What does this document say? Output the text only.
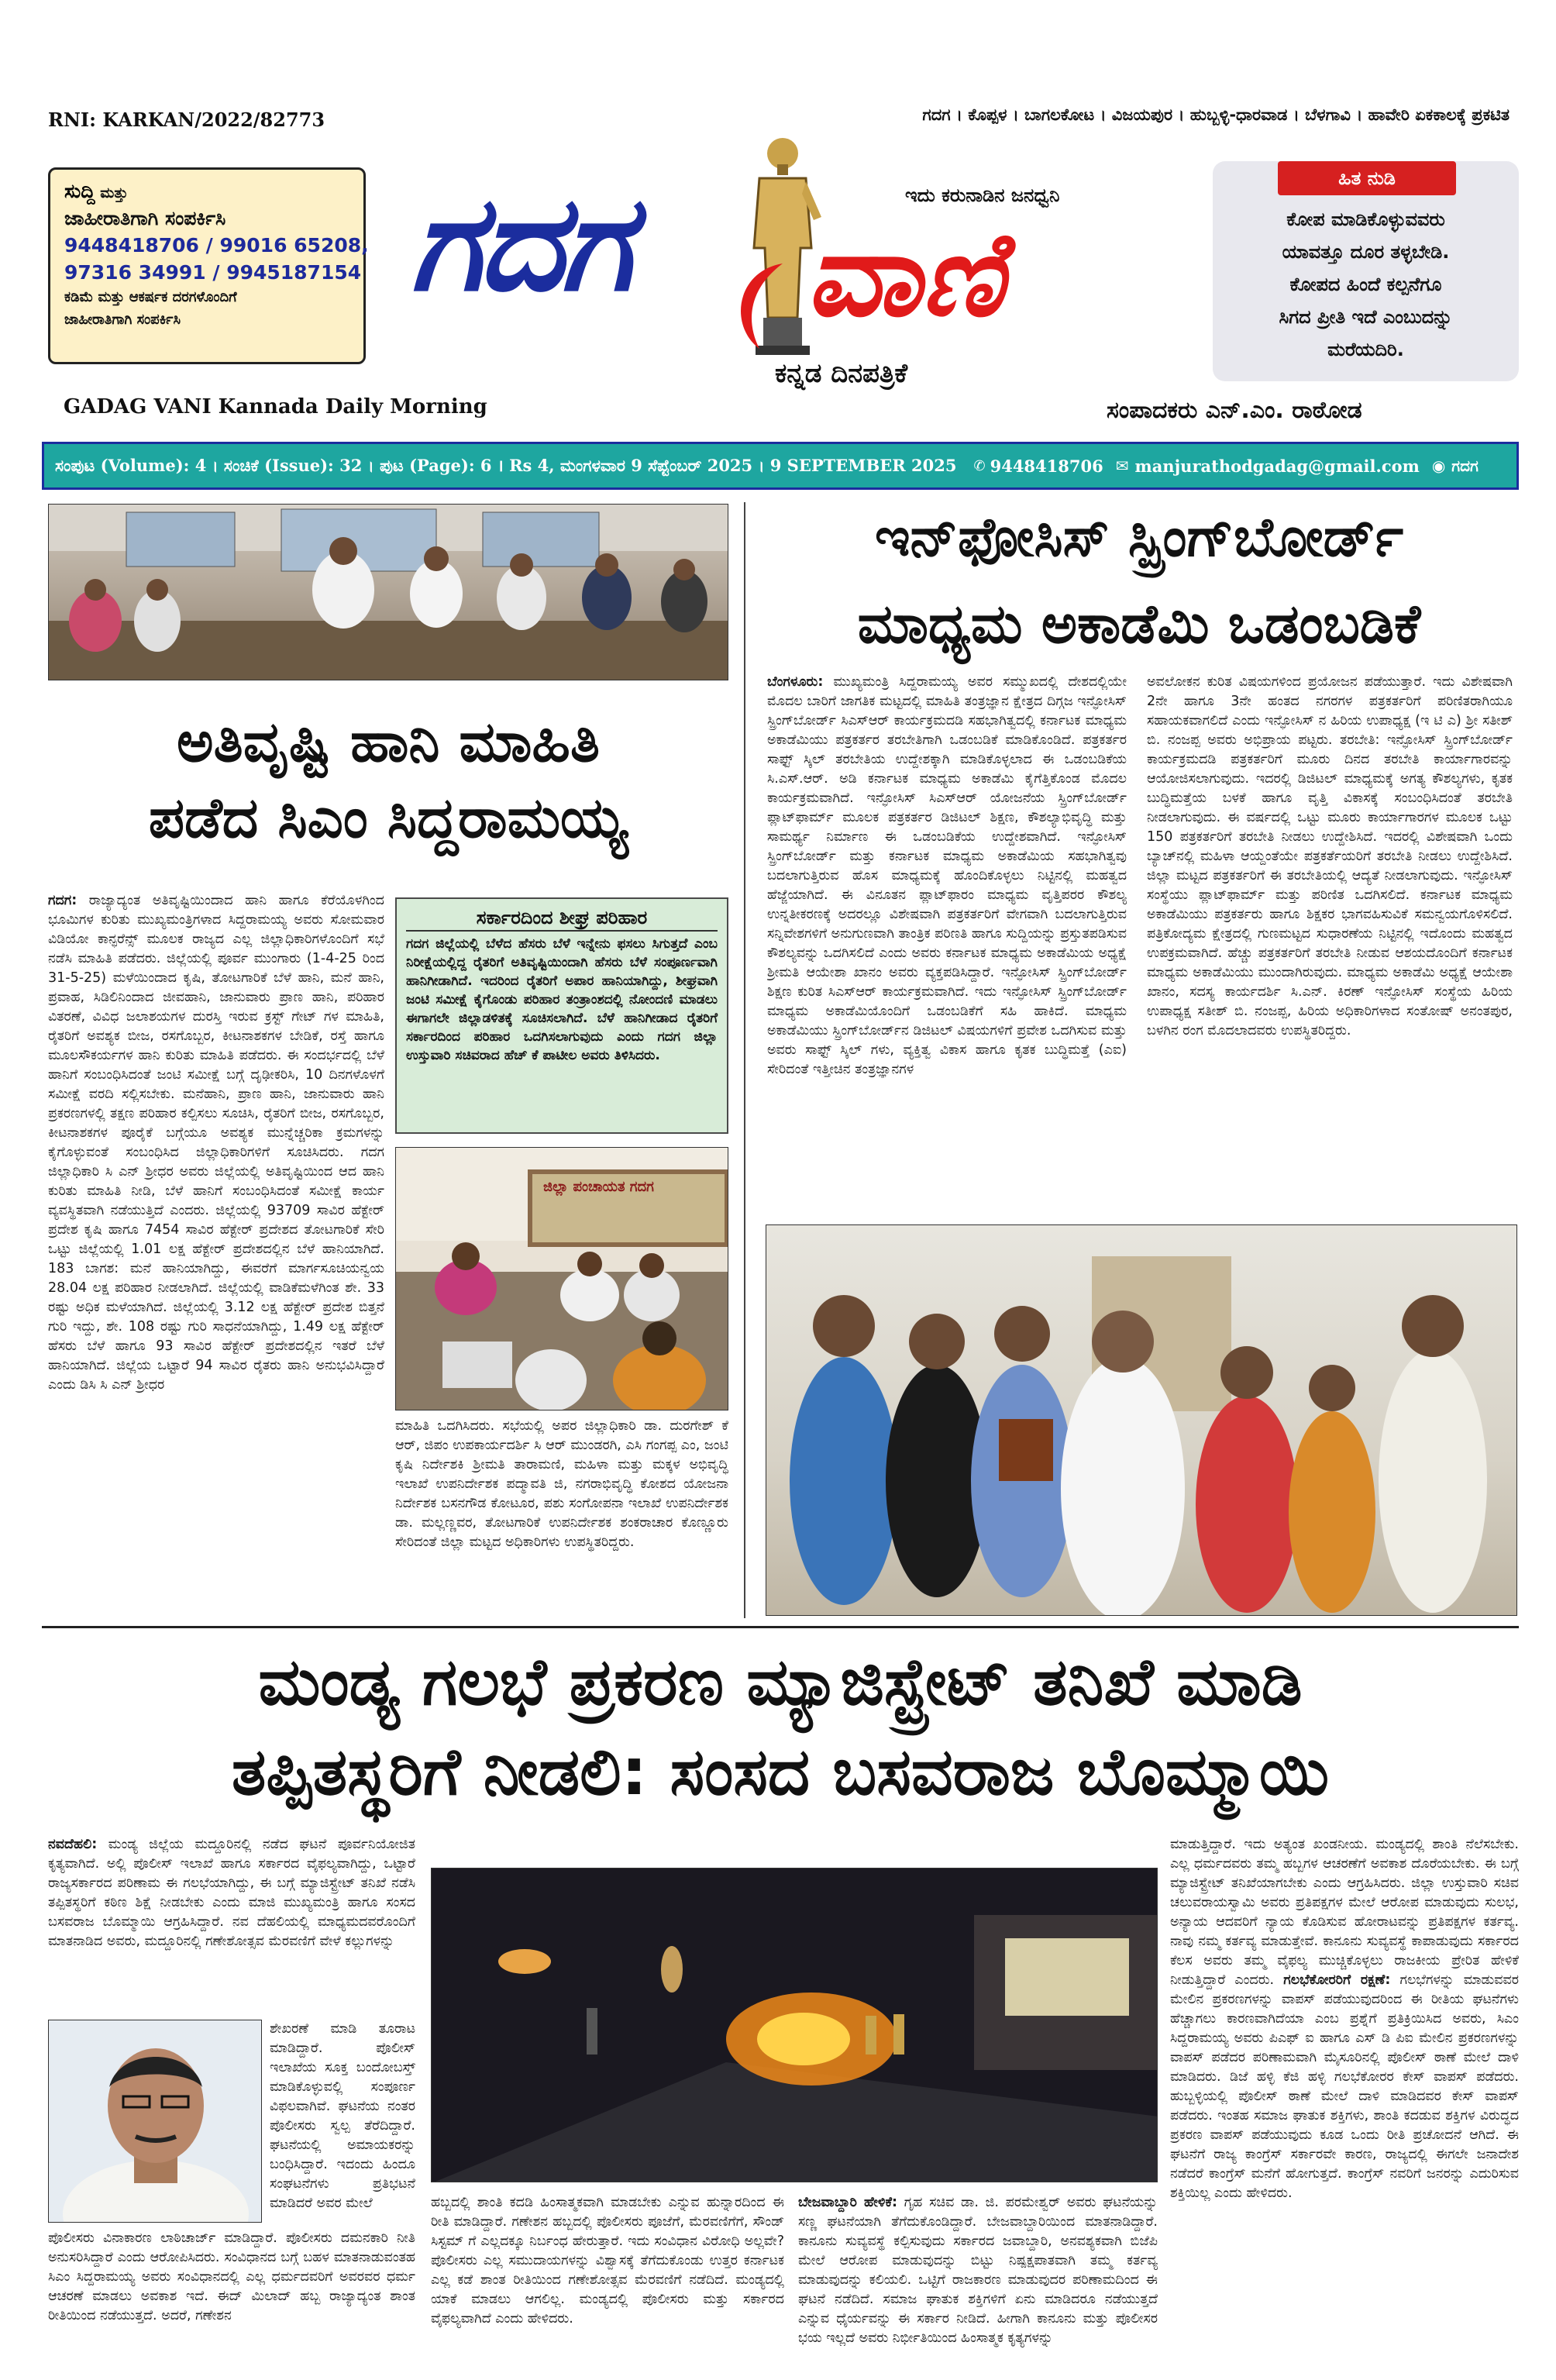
RNI: KARKAN/2022/82773	ಗದಗ । ಕೊಪ್ಪಳ । ಬಾಗಲಕೋಟ । ವಿಜಯಪುರ । ಹುಬ್ಬಳ್ಳಿ-ಧಾರವಾಡ । ಬೆಳಗಾವಿ । ಹಾವೇರಿ ಏಕಕಾಲಕ್ಕೆ ಪ್ರಕಟಿತ
ಸುದ್ದಿ ಮತ್ತು
ಜಾಹೀರಾತಿಗಾಗಿ ಸಂಪರ್ಕಿಸಿ
9448418706 / 99016 65208,
97316 34991 / 9945187154
ಕಡಿಮೆ ಮತ್ತು ಆಕರ್ಷಕ ದರಗಳೊಂದಿಗೆ
ಜಾಹೀರಾತಿಗಾಗಿ ಸಂಪರ್ಕಿಸಿ	ಗದಗ	ಇದು ಕರುನಾಡಿನ ಜನಧ್ವನಿ
ವಾಣಿ
ಕನ್ನಡ ದಿನಪತ್ರಿಕೆ
GADAG VANI Kannada Daily Morning	ಸಂಪಾದಕರು ಎನ್.ಎಂ. ರಾಠೋಡ
ಹಿತ ನುಡಿ
ಕೋಪ ಮಾಡಿಕೊಳ್ಳುವವರು
ಯಾವತ್ತೂ ದೂರ ತಳ್ಳಬೇಡಿ.
ಕೋಪದ ಹಿಂದೆ ಕಲ್ಪನೆಗೂ
ಸಿಗದ ಪ್ರೀತಿ ಇದೆ ಎಂಬುದನ್ನು
ಮರೆಯದಿರಿ.
ಸಂಪುಟ (Volume): 4 । ಸಂಚಿಕೆ (Issue): 32 । ಪುಟ (Page): 6 । Rs 4, ಮಂಗಳವಾರ 9 ಸೆಪ್ಟೆಂಬರ್ 2025 । 9 SEPTEMBER 2025 ✆ 9448418706 ✉ manjurathodgadag@gmail.com ◉ ಗದಗ
ಅತಿವೃಷ್ಟಿ ಹಾನಿ ಮಾಹಿತಿ
ಪಡೆದ ಸಿಎಂ ಸಿದ್ದರಾಮಯ್ಯ
ಗದಗ: ರಾಜ್ಯಾದ್ಯಂತ ಅತಿವೃಷ್ಟಿಯಿಂದಾದ ಹಾನಿ ಹಾಗೂ ಕೆರೆಯೊಳಗಿಂದ ಭೂಮಿಗಳ ಕುರಿತು ಮುಖ್ಯಮಂತ್ರಿಗಳಾದ ಸಿದ್ದರಾಮಯ್ಯ ಅವರು ಸೋಮವಾರ ವಿಡಿಯೋ ಕಾನ್ಫರೆನ್ಸ್ ಮೂಲಕ ರಾಜ್ಯದ ಎಲ್ಲ ಜಿಲ್ಲಾಧಿಕಾರಿಗಳೊಂದಿಗೆ ಸಭೆ ನಡೆಸಿ ಮಾಹಿತಿ ಪಡೆದರು. ಜಿಲ್ಲೆಯಲ್ಲಿ ಪೂರ್ವ ಮುಂಗಾರು (1-4-25 ರಿಂದ 31-5-25) ಮಳೆಯಿಂದಾದ ಕೃಷಿ, ತೋಟಗಾರಿಕೆ ಬೆಳೆ ಹಾನಿ, ಮನೆ ಹಾನಿ, ಪ್ರವಾಹ, ಸಿಡಿಲಿನಿಂದಾದ ಜೀವಹಾನಿ, ಜಾನುವಾರು ಪ್ರಾಣ ಹಾನಿ, ಪರಿಹಾರ ವಿತರಣೆ, ವಿವಿಧ ಜಲಾಶಯಗಳ ದುರಸ್ತಿ ಇರುವ ಕ್ರಸ್ಟ್ ಗೇಟ್ ಗಳ ಮಾಹಿತಿ, ರೈತರಿಗೆ ಅವಶ್ಯಕ ಬೀಜ, ರಸಗೊಬ್ಬರ, ಕೀಟನಾಶಕಗಳ ಬೇಡಿಕೆ, ರಸ್ತೆ ಹಾಗೂ ಮೂಲಸೌಕರ್ಯಗಳ ಹಾನಿ ಕುರಿತು ಮಾಹಿತಿ ಪಡೆದರು. ಈ ಸಂದರ್ಭದಲ್ಲಿ ಬೆಳೆ ಹಾನಿಗೆ ಸಂಬಂಧಿಸಿದಂತೆ ಜಂಟಿ ಸಮೀಕ್ಷೆ ಬಗ್ಗೆ ದೃಢೀಕರಿಸಿ, 10 ದಿನಗಳೊಳಗೆ ಸಮೀಕ್ಷೆ ವರದಿ ಸಲ್ಲಿಸಬೇಕು. ಮನೆಹಾನಿ, ಪ್ರಾಣ ಹಾನಿ, ಜಾನುವಾರು ಹಾನಿ ಪ್ರಕರಣಗಳಲ್ಲಿ ತಕ್ಷಣ ಪರಿಹಾರ ಕಲ್ಪಿಸಲು ಸೂಚಿಸಿ, ರೈತರಿಗೆ ಬೀಜ, ರಸಗೊಬ್ಬರ, ಕೀಟನಾಶಕಗಳ ಪೂರೈಕೆ ಬಗ್ಗೆಯೂ ಅವಶ್ಯಕ ಮುನ್ನೆಚ್ಚರಿಕಾ ಕ್ರಮಗಳನ್ನು ಕೈಗೊಳ್ಳುವಂತೆ ಸಂಬಂಧಿಸಿದ ಜಿಲ್ಲಾಧಿಕಾರಿಗಳಿಗೆ ಸೂಚಿಸಿದರು. ಗದಗ ಜಿಲ್ಲಾಧಿಕಾರಿ ಸಿ ಎನ್ ಶ್ರೀಧರ ಅವರು ಜಿಲ್ಲೆಯಲ್ಲಿ ಅತಿವೃಷ್ಟಿಯಿಂದ ಆದ ಹಾನಿ ಕುರಿತು ಮಾಹಿತಿ ನೀಡಿ, ಬೆಳೆ ಹಾನಿಗೆ ಸಂಬಂಧಿಸಿದಂತೆ ಸಮೀಕ್ಷೆ ಕಾರ್ಯ ವ್ಯವಸ್ಥಿತವಾಗಿ ನಡೆಯುತ್ತಿದೆ ಎಂದರು. ಜಿಲ್ಲೆಯಲ್ಲಿ 93709 ಸಾವಿರ ಹೆಕ್ಟೇರ್ ಪ್ರದೇಶ ಕೃಷಿ ಹಾಗೂ 7454 ಸಾವಿರ ಹೆಕ್ಟೇರ್ ಪ್ರದೇಶದ ತೋಟಗಾರಿಕೆ ಸೇರಿ ಒಟ್ಟು ಜಿಲ್ಲೆಯಲ್ಲಿ 1.01 ಲಕ್ಷ ಹೆಕ್ಟೇರ್ ಪ್ರದೇಶದಲ್ಲಿನ ಬೆಳೆ ಹಾನಿಯಾಗಿದೆ. 183 ಬಾಗಶ: ಮನೆ ಹಾನಿಯಾಗಿದ್ದು, ಈವರೆಗೆ ಮಾರ್ಗಸೂಚಿಯನ್ವಯ 28.04 ಲಕ್ಷ ಪರಿಹಾರ ನೀಡಲಾಗಿದೆ. ಜಿಲ್ಲೆಯಲ್ಲಿ ವಾಡಿಕೆಮಳೆಗಿಂತ ಶೇ. 33 ರಷ್ಟು ಅಧಿಕ ಮಳೆಯಾಗಿದೆ. ಜಿಲ್ಲೆಯಲ್ಲಿ 3.12 ಲಕ್ಷ ಹೆಕ್ಟೇರ್ ಪ್ರದೇಶ ಬಿತ್ತನೆ ಗುರಿ ಇದ್ದು, ಶೇ. 108 ರಷ್ಟು ಗುರಿ ಸಾಧನೆಯಾಗಿದ್ದು, 1.49 ಲಕ್ಷ ಹೆಕ್ಟೇರ್ ಹೆಸರು ಬೆಳೆ ಹಾಗೂ 93 ಸಾವಿರ ಹೆಕ್ಟೇರ್ ಪ್ರದೇಶದಲ್ಲಿನ ಇತರೆ ಬೆಳೆ ಹಾನಿಯಾಗಿದೆ. ಜಿಲ್ಲೆಯ ಒಟ್ಟಾರೆ 94 ಸಾವಿರ ರೈತರು ಹಾನಿ ಅನುಭವಿಸಿದ್ದಾರೆ ಎಂದು ಡಿಸಿ ಸಿ ಎನ್ ಶ್ರೀಧರ
ಸರ್ಕಾರದಿಂದ ಶೀಘ್ರ ಪರಿಹಾರ
ಗದಗ ಜಿಲ್ಲೆಯಲ್ಲಿ ಬೆಳೆದ ಹೆಸರು ಬೆಳೆ ಇನ್ನೇನು ಫಸಲು ಸಿಗುತ್ತದೆ ಎಂಬ ನಿರೀಕ್ಷೆಯಲ್ಲಿದ್ದ ರೈತರಿಗೆ ಅತಿವೃಷ್ಟಿಯಿಂದಾಗಿ ಹೆಸರು ಬೆಳೆ ಸಂಪೂರ್ಣವಾಗಿ ಹಾನಿಗೀಡಾಗಿದೆ. ಇದರಿಂದ ರೈತರಿಗೆ ಅಪಾರ ಹಾನಿಯಾಗಿದ್ದು, ಶೀಘ್ರವಾಗಿ ಜಂಟಿ ಸಮೀಕ್ಷೆ ಕೈಗೊಂಡು ಪರಿಹಾರ ತಂತ್ರಾಂಶದಲ್ಲಿ ನೋಂದಣಿ ಮಾಡಲು ಈಗಾಗಲೇ ಜಿಲ್ಲಾಡಳಿತಕ್ಕೆ ಸೂಚಿಸಲಾಗಿದೆ. ಬೆಳೆ ಹಾನಿಗೀಡಾದ ರೈತರಿಗೆ ಸರ್ಕಾರದಿಂದ ಪರಿಹಾರ ಒದಗಿಸಲಾಗುವುದು ಎಂದು ಗದಗ ಜಿಲ್ಲಾ ಉಸ್ತುವಾರಿ ಸಚಿವರಾದ ಹೆಚ್ ಕೆ ಪಾಟೀಲ ಅವರು ತಿಳಿಸಿದರು.
ಜಿಲ್ಲಾ ಪಂಚಾಯತ ಗದಗ
ಮಾಹಿತಿ ಒದಗಿಸಿದರು. ಸಭೆಯಲ್ಲಿ ಅಪರ ಜಿಲ್ಲಾಧಿಕಾರಿ ಡಾ. ದುರಗೇಶ್ ಕೆ ಆರ್, ಜಿಪಂ ಉಪಕಾರ್ಯದರ್ಶಿ ಸಿ ಆರ್ ಮುಂಡರಗಿ, ಎಸಿ ಗಂಗಪ್ಪ ಎಂ, ಜಂಟಿ ಕೃಷಿ ನಿರ್ದೇಶಕಿ ಶ್ರೀಮತಿ ತಾರಾಮಣಿ, ಮಹಿಳಾ ಮತ್ತು ಮಕ್ಕಳ ಅಭಿವೃದ್ಧಿ ಇಲಾಖೆ ಉಪನಿರ್ದೇಶಕ ಪದ್ಮಾವತಿ ಜಿ, ನಗರಾಭಿವೃದ್ಧಿ ಕೋಶದ ಯೋಜನಾ ನಿರ್ದೇಶಕ ಬಸನಗೌಡ ಕೋಟೂರ, ಪಶು ಸಂಗೋಪನಾ ಇಲಾಖೆ ಉಪನಿರ್ದೇಶಕ ಡಾ. ಮಲ್ಲಣ್ಣವರ, ತೋಟಗಾರಿಕೆ ಉಪನಿರ್ದೇಶಕ ಶಂಕರಾಚಾರ ಕೊಣ್ಣೂರು ಸೇರಿದಂತೆ ಜಿಲ್ಲಾ ಮಟ್ಟದ ಅಧಿಕಾರಿಗಳು ಉಪಸ್ಥಿತರಿದ್ದರು.
ಇನ್‌ಫೋಸಿಸ್ ಸ್ಪ್ರಿಂಗ್‌ಬೋರ್ಡ್
ಮಾಧ್ಯಮ ಅಕಾಡೆಮಿ ಒಡಂಬಡಿಕೆ
ಬೆಂಗಳೂರು: ಮುಖ್ಯಮಂತ್ರಿ ಸಿದ್ದರಾಮಯ್ಯ ಅವರ ಸಮ್ಮುಖದಲ್ಲಿ ದೇಶದಲ್ಲಿಯೇ ಮೊದಲ ಬಾರಿಗೆ ಜಾಗತಿಕ ಮಟ್ಟದಲ್ಲಿ ಮಾಹಿತಿ ತಂತ್ರಜ್ಞಾನ ಕ್ಷೇತ್ರದ ದಿಗ್ಗಜ ಇನ್ಫೋಸಿಸ್ ಸ್ಪ್ರಿಂಗ್‌ಬೋರ್ಡ್ ಸಿಎಸ್‌ಆರ್ ಕಾರ್ಯಕ್ರಮದಡಿ ಸಹಭಾಗಿತ್ವದಲ್ಲಿ ಕರ್ನಾಟಕ ಮಾಧ್ಯಮ ಅಕಾಡೆಮಿಯು ಪತ್ರಕರ್ತರ ತರಬೇತಿಗಾಗಿ ಒಡಂಬಡಿಕೆ ಮಾಡಿಕೊಂಡಿದೆ. ಪತ್ರಕರ್ತರ ಸಾಫ್ಟ್ ಸ್ಕಿಲ್ ತರಬೇತಿಯ ಉದ್ದೇಶಕ್ಕಾಗಿ ಮಾಡಿಕೊಳ್ಳಲಾದ ಈ ಒಡಂಬಡಿಕೆಯ ಸಿ.ಎಸ್.ಆರ್. ಅಡಿ ಕರ್ನಾಟಕ ಮಾಧ್ಯಮ ಅಕಾಡೆಮಿ ಕೈಗೆತ್ತಿಕೊಂಡ ಮೊದಲ ಕಾರ್ಯಕ್ರಮವಾಗಿದೆ. ಇನ್ಫೋಸಿಸ್ ಸಿಎಸ್‌ಆರ್ ಯೋಜನೆಯ ಸ್ಪ್ರಿಂಗ್‌ಬೋರ್ಡ್ ಪ್ಲಾಟ್‌ಫಾರ್ಮ್ ಮೂಲಕ ಪತ್ರಕರ್ತರ ಡಿಜಿಟಲ್ ಶಿಕ್ಷಣ, ಕೌಶಲ್ಯಾಭಿವೃದ್ಧಿ ಮತ್ತು ಸಾಮರ್ಥ್ಯ ನಿರ್ಮಾಣ ಈ ಒಡಂಬಡಿಕೆಯ ಉದ್ದೇಶವಾಗಿದೆ. ಇನ್ಫೋಸಿಸ್ ಸ್ಪ್ರಿಂಗ್‌ಬೋರ್ಡ್ ಮತ್ತು ಕರ್ನಾಟಕ ಮಾಧ್ಯಮ ಅಕಾಡೆಮಿಯ ಸಹಭಾಗಿತ್ವವು ಬದಲಾಗುತ್ತಿರುವ ಹೊಸ ಮಾಧ್ಯಮಕ್ಕೆ ಹೊಂದಿಕೊಳ್ಳಲು ನಿಟ್ಟಿನಲ್ಲಿ ಮಹತ್ವದ ಹೆಜ್ಜೆಯಾಗಿದೆ. ಈ ವಿನೂತನ ಪ್ಲಾಟ್‌ಫಾರಂ ಮಾಧ್ಯಮ ವೃತ್ತಿಪರರ ಕೌಶಲ್ಯ ಉನ್ನತೀಕರಣಕ್ಕೆ ಅದರಲ್ಲೂ ವಿಶೇಷವಾಗಿ ಪತ್ರಕರ್ತರಿಗೆ ವೇಗವಾಗಿ ಬದಲಾಗುತ್ತಿರುವ ಸನ್ನಿವೇಶಗಳಿಗೆ ಅನುಗುಣವಾಗಿ ತಾಂತ್ರಿಕ ಪರಿಣತಿ ಹಾಗೂ ಸುದ್ದಿಯನ್ನು ಪ್ರಸ್ತುತಪಡಿಸುವ ಕೌಶಲ್ಯವನ್ನು ಒದಗಿಸಲಿದೆ ಎಂದು ಅವರು ಕರ್ನಾಟಕ ಮಾಧ್ಯಮ ಅಕಾಡೆಮಿಯ ಅಧ್ಯಕ್ಷೆ ಶ್ರೀಮತಿ ಆಯೇಶಾ ಖಾನಂ ಅವರು ವ್ಯಕ್ತಪಡಿಸಿದ್ದಾರೆ. ಇನ್ಫೋಸಿಸ್ ಸ್ಪ್ರಿಂಗ್‌ಬೋರ್ಡ್ ಶಿಕ್ಷಣ ಕುರಿತ ಸಿಎಸ್‌ಆರ್ ಕಾರ್ಯಕ್ರಮವಾಗಿದೆ. ಇದು ಇನ್ಫೋಸಿಸ್ ಸ್ಪ್ರಿಂಗ್‌ಬೋರ್ಡ್ ಮಾಧ್ಯಮ ಅಕಾಡೆಮಿಯೊಂದಿಗೆ ಒಡಂಬಡಿಕೆಗೆ ಸಹಿ ಹಾಕಿದೆ. ಮಾಧ್ಯಮ ಅಕಾಡೆಮಿಯು ಸ್ಪ್ರಿಂಗ್‌ಬೋರ್ಡ್‌ನ ಡಿಜಿಟಲ್ ವಿಷಯಗಳಿಗೆ ಪ್ರವೇಶ ಒದಗಿಸುವ ಮತ್ತು ಅವರು ಸಾಫ್ಟ್ ಸ್ಕಿಲ್ ಗಳು, ವ್ಯಕ್ತಿತ್ವ ವಿಕಾಸ ಹಾಗೂ ಕೃತಕ ಬುದ್ಧಿಮತ್ತೆ (ಎಐ) ಸೇರಿದಂತೆ ಇತ್ತೀಚಿನ ತಂತ್ರಜ್ಞಾನಗಳ
ಅವಲೋಕನ ಕುರಿತ ವಿಷಯಗಳಿಂದ ಪ್ರಯೋಜನ ಪಡೆಯುತ್ತಾರೆ. ಇದು ವಿಶೇಷವಾಗಿ 2ನೇ ಹಾಗೂ 3ನೇ ಹಂತದ ನಗರಗಳ ಪತ್ರಕರ್ತರಿಗೆ ಪರಿಣಿತರಾಗಿಯೂ ಸಹಾಯಕವಾಗಲಿದೆ ಎಂದು ಇನ್ಫೋಸಿಸ್ ನ ಹಿರಿಯ ಉಪಾಧ್ಯಕ್ಷ (ಇ ಟಿ ಎ) ಶ್ರೀ ಸತೀಶ್ ಬಿ. ನಂಜಪ್ಪ ಅವರು ಅಭಿಪ್ರಾಯ ಪಟ್ಟರು. ತರಬೇತಿ: ಇನ್ಫೋಸಿಸ್ ಸ್ಪ್ರಿಂಗ್‌ಬೋರ್ಡ್ ಕಾರ್ಯಕ್ರಮದಡಿ ಪತ್ರಕರ್ತರಿಗೆ ಮೂರು ದಿನದ ತರಬೇತಿ ಕಾರ್ಯಾಗಾರವನ್ನು ಆಯೋಜಿಸಲಾಗುವುದು. ಇದರಲ್ಲಿ ಡಿಜಿಟಲ್ ಮಾಧ್ಯಮಕ್ಕೆ ಅಗತ್ಯ ಕೌಶಲ್ಯಗಳು, ಕೃತಕ ಬುದ್ಧಿಮತ್ತೆಯ ಬಳಕೆ ಹಾಗೂ ವೃತ್ತಿ ವಿಕಾಸಕ್ಕೆ ಸಂಬಂಧಿಸಿದಂತೆ ತರಬೇತಿ ನೀಡಲಾಗುವುದು. ಈ ವರ್ಷದಲ್ಲಿ ಒಟ್ಟು ಮೂರು ಕಾರ್ಯಾಗಾರಗಳ ಮೂಲಕ ಒಟ್ಟು 150 ಪತ್ರಕರ್ತರಿಗೆ ತರಬೇತಿ ನೀಡಲು ಉದ್ದೇಶಿಸಿದೆ. ಇದರಲ್ಲಿ ವಿಶೇಷವಾಗಿ ಒಂದು ಬ್ಯಾಚ್‌ನಲ್ಲಿ ಮಹಿಳಾ ಆಯ್ದಂತೆಯೇ ಪತ್ರಕರ್ತೆಯರಿಗೆ ತರಬೇತಿ ನೀಡಲು ಉದ್ದೇಶಿಸಿದೆ. ಜಿಲ್ಲಾ ಮಟ್ಟದ ಪತ್ರಕರ್ತರಿಗೆ ಈ ತರಬೇತಿಯಲ್ಲಿ ಆದ್ಯತೆ ನೀಡಲಾಗುವುದು. ಇನ್ಫೋಸಿಸ್ ಸಂಸ್ಥೆಯು ಪ್ಲಾಟ್‌ಫಾರ್ಮ್ ಮತ್ತು ಪರಿಣಿತ ಒದಗಿಸಲಿದೆ. ಕರ್ನಾಟಕ ಮಾಧ್ಯಮ ಅಕಾಡೆಮಿಯು ಪತ್ರಕರ್ತರು ಹಾಗೂ ಶಿಕ್ಷಕರ ಭಾಗವಹಿಸುವಿಕೆ ಸಮನ್ವಯಗೊಳಿಸಲಿದೆ. ಪತ್ರಿಕೋದ್ಯಮ ಕ್ಷೇತ್ರದಲ್ಲಿ ಗುಣಮಟ್ಟದ ಸುಧಾರಣೆಯ ನಿಟ್ಟಿನಲ್ಲಿ ಇದೊಂದು ಮಹತ್ವದ ಉಪಕ್ರಮವಾಗಿದೆ. ಹೆಚ್ಚು ಪತ್ರಕರ್ತರಿಗೆ ತರಬೇತಿ ನೀಡುವ ಆಶಯದೊಂದಿಗೆ ಕರ್ನಾಟಕ ಮಾಧ್ಯಮ ಅಕಾಡೆಮಿಯು ಮುಂದಾಗಿರುವುದು. ಮಾಧ್ಯಮ ಅಕಾಡೆಮಿ ಅಧ್ಯಕ್ಷೆ ಆಯೇಶಾ ಖಾನಂ, ಸದಸ್ಯ ಕಾರ್ಯದರ್ಶಿ ಸಿ.ಎನ್. ಕಿರಣ್ ಇನ್ಫೋಸಿಸ್ ಸಂಸ್ಥೆಯ ಹಿರಿಯ ಉಪಾಧ್ಯಕ್ಷ ಸತೀಶ್ ಬಿ. ನಂಜಪ್ಪ, ಹಿರಿಯ ಅಧಿಕಾರಿಗಳಾದ ಸಂತೋಷ್ ಅನಂತಪುರ, ಬಳಗಿನ ರಂಗ ಮೊದಲಾದವರು ಉಪಸ್ಥಿತರಿದ್ದರು.
ಮಂಡ್ಯ ಗಲಭೆ ಪ್ರಕರಣ ಮ್ಯಾಜಿಸ್ಟ್ರೇಟ್ ತನಿಖೆ ಮಾಡಿ
ತಪ್ಪಿತಸ್ಥರಿಗೆ ನೀಡಲಿ: ಸಂಸದ ಬಸವರಾಜ ಬೊಮ್ಮಾಯಿ
ನವದೆಹಲಿ: ಮಂಡ್ಯ ಜಿಲ್ಲೆಯ ಮದ್ದೂರಿನಲ್ಲಿ ನಡೆದ ಘಟನೆ ಪೂರ್ವನಿಯೋಜಿತ ಕೃತ್ಯವಾಗಿದೆ. ಅಲ್ಲಿ ಪೊಲೀಸ್ ಇಲಾಖೆ ಹಾಗೂ ಸರ್ಕಾರದ ವೈಫಲ್ಯವಾಗಿದ್ದು, ಒಟ್ಟಾರೆ ರಾಜ್ಯಸರ್ಕಾರದ ಪರಿಣಾಮ ಈ ಗಲಭೆಯಾಗಿದ್ದು, ಈ ಬಗ್ಗೆ ಮ್ಯಾಜಿಸ್ಟ್ರೇಟ್ ತನಿಖೆ ನಡೆಸಿ ತಪ್ಪಿತಸ್ಥರಿಗೆ ಕಠಿಣ ಶಿಕ್ಷೆ ನೀಡಬೇಕು ಎಂದು ಮಾಜಿ ಮುಖ್ಯಮಂತ್ರಿ ಹಾಗೂ ಸಂಸದ ಬಸವರಾಜ ಬೊಮ್ಮಾಯಿ ಆಗ್ರಹಿಸಿದ್ದಾರೆ. ನವ ದೆಹಲಿಯಲ್ಲಿ ಮಾಧ್ಯಮದವರೊಂದಿಗೆ ಮಾತನಾಡಿದ ಅವರು, ಮದ್ದೂರಿನಲ್ಲಿ ಗಣೇಶೋತ್ಸವ ಮೆರವಣಿಗೆ ವೇಳೆ ಕಲ್ಲುಗಳನ್ನು
ಶೇಖರಣೆ ಮಾಡಿ ತೂರಾಟ ಮಾಡಿದ್ದಾರೆ. ಪೊಲೀಸ್ ಇಲಾಖೆಯ ಸೂಕ್ತ ಬಂದೋಬಸ್ತ್ ಮಾಡಿಕೊಳ್ಳುವಲ್ಲಿ ಸಂಪೂರ್ಣ ವಿಫಲವಾಗಿವೆ. ಘಟನೆಯ ನಂತರ ಪೊಲೀಸರು ಸ್ವಲ್ಪ ತೆರೆದಿದ್ದಾರೆ. ಘಟನೆಯಲ್ಲಿ ಅಮಾಯಕರನ್ನು ಬಂಧಿಸಿದ್ದಾರೆ. ಇದಂದು ಹಿಂದೂ ಸಂಘಟನೆಗಳು ಪ್ರತಿಭಟನೆ ಮಾಡಿದರೆ ಅವರ ಮೇಲೆ
ಪೊಲೀಸರು ವಿನಾಕಾರಣ ಲಾಠಿಚಾರ್ಜ್ ಮಾಡಿದ್ದಾರೆ. ಪೊಲೀಸರು ದಮನಕಾರಿ ನೀತಿ ಅನುಸರಿಸಿದ್ದಾರೆ ಎಂದು ಆರೋಪಿಸಿದರು. ಸಂವಿಧಾನದ ಬಗ್ಗೆ ಬಹಳ ಮಾತನಾಡುವಂತಹ ಸಿಎಂ ಸಿದ್ದರಾಮಯ್ಯ ಅವರು ಸಂವಿಧಾನದಲ್ಲಿ ಎಲ್ಲ ಧರ್ಮದವರಿಗೆ ಅವರವರ ಧರ್ಮ ಆಚರಣೆ ಮಾಡಲು ಅವಕಾಶ ಇದೆ. ಈದ್ ಮಿಲಾದ್ ಹಬ್ಬ ರಾಜ್ಯಾದ್ಯಂತ ಶಾಂತ ರೀತಿಯಿಂದ ನಡೆಯುತ್ತದೆ. ಅದರೆ, ಗಣೇಶನ
ಹಬ್ಬದಲ್ಲಿ ಶಾಂತಿ ಕದಡಿ ಹಿಂಸಾತ್ಮಕವಾಗಿ ಮಾಡಬೇಕು ಎನ್ನುವ ಹುನ್ನಾರದಿಂದ ಈ ರೀತಿ ಮಾಡಿದ್ದಾರೆ. ಗಣೇಶನ ಹಬ್ಬದಲ್ಲಿ ಪೊಲೀಸರು ಪೂಜೆಗೆ, ಮೆರವಣಿಗೆಗೆ, ಸೌಂಡ್ ಸಿಸ್ಟಮ್ ಗೆ ಎಲ್ಲದಕ್ಕೂ ನಿರ್ಬಂಧ ಹೇರುತ್ತಾರೆ. ಇದು ಸಂವಿಧಾನ ವಿರೋಧಿ ಅಲ್ಲವೇ? ಪೊಲೀಸರು ಎಲ್ಲ ಸಮುದಾಯಗಳನ್ನು ವಿಶ್ವಾಸಕ್ಕೆ ತೆಗೆದುಕೊಂಡು ಉತ್ತರ ಕರ್ನಾಟಕ ಎಲ್ಲ ಕಡೆ ಶಾಂತ ರೀತಿಯಿಂದ ಗಣೇಶೋತ್ಸವ ಮೆರವಣಿಗೆ ನಡೆದಿದೆ. ಮಂಡ್ಯದಲ್ಲಿ ಯಾಕೆ ಮಾಡಲು ಆಗಲಿಲ್ಲ. ಮಂಡ್ಯದಲ್ಲಿ ಪೊಲೀಸರು ಮತ್ತು ಸರ್ಕಾರದ ವೈಫಲ್ಯವಾಗಿದೆ ಎಂದು ಹೇಳಿದರು.
ಬೇಜವಾಬ್ದಾರಿ ಹೇಳಿಕೆ: ಗೃಹ ಸಚಿವ ಡಾ. ಜಿ. ಪರಮೇಶ್ವರ್ ಅವರು ಘಟನೆಯನ್ನು ಸಣ್ಣ ಘಟನೆಯಾಗಿ ತೆಗೆದುಕೊಂಡಿದ್ದಾರೆ. ಬೇಜವಾಬ್ದಾರಿಯಿಂದ ಮಾತನಾಡಿದ್ದಾರೆ. ಕಾನೂನು ಸುವ್ಯವಸ್ಥೆ ಕಲ್ಪಿಸುವುದು ಸರ್ಕಾರದ ಜವಾಬ್ದಾರಿ, ಅನವಶ್ಯಕವಾಗಿ ಬಿಜೆಪಿ ಮೇಲೆ ಆರೋಪ ಮಾಡುವುದನ್ನು ಬಿಟ್ಟು ನಿಷ್ಪಕ್ಷಪಾತವಾಗಿ ತಮ್ಮ ಕರ್ತವ್ಯ ಮಾಡುವುದನ್ನು ಕಲಿಯಲಿ. ಒಟ್ಟಿಗೆ ರಾಜಕಾರಣ ಮಾಡುವುದರ ಪರಿಣಾಮದಿಂದ ಈ ಘಟನೆ ನಡೆದಿದೆ. ಸಮಾಜ ಘಾತುಕ ಶಕ್ತಿಗಳಿಗೆ ಏನು ಮಾಡಿದರೂ ನಡೆಯುತ್ತದೆ ಎನ್ನುವ ಧೈರ್ಯವನ್ನು ಈ ಸರ್ಕಾರ ನೀಡಿದೆ. ಹೀಗಾಗಿ ಕಾನೂನು ಮತ್ತು ಪೊಲೀಸರ ಭಯ ಇಲ್ಲದೆ ಅವರು ನಿರ್ಭೀತಿಯಿಂದ ಹಿಂಸಾತ್ಮಕ ಕೃತ್ಯಗಳನ್ನು
ಮಾಡುತ್ತಿದ್ದಾರೆ. ಇದು ಅತ್ಯಂತ ಖಂಡನೀಯ. ಮಂಡ್ಯದಲ್ಲಿ ಶಾಂತಿ ನೆಲೆಸಬೇಕು. ಎಲ್ಲ ಧರ್ಮದವರು ತಮ್ಮ ಹಬ್ಬಗಳ ಆಚರಣೆಗೆ ಅವಕಾಶ ದೊರೆಯಬೇಕು. ಈ ಬಗ್ಗೆ ಮ್ಯಾಜಿಸ್ಟ್ರೇಟ್ ತನಿಖೆಯಾಗಬೇಕು ಎಂದು ಆಗ್ರಹಿಸಿದರು. ಜಿಲ್ಲಾ ಉಸ್ತುವಾರಿ ಸಚಿವ ಚಲುವರಾಯಸ್ವಾಮಿ ಅವರು ಪ್ರತಿಪಕ್ಷಗಳ ಮೇಲೆ ಆರೋಪ ಮಾಡುವುದು ಸುಲಭ, ಅನ್ಯಾಯ ಆದವರಿಗೆ ನ್ಯಾಯ ಕೊಡಿಸುವ ಹೋರಾಟವನ್ನು ಪ್ರತಿಪಕ್ಷಗಳ ಕರ್ತವ್ಯ. ನಾವು ನಮ್ಮ ಕರ್ತವ್ಯ ಮಾಡುತ್ತೇವೆ. ಕಾನೂನು ಸುವ್ಯವಸ್ಥೆ ಕಾಪಾಡುವುದು ಸರ್ಕಾರದ ಕೆಲಸ ಅವರು ತಮ್ಮ ವೈಫಲ್ಯ ಮುಚ್ಚಿಕೊಳ್ಳಲು ರಾಜಕೀಯ ಪ್ರೇರಿತ ಹೇಳಿಕೆ ನೀಡುತ್ತಿದ್ದಾರೆ ಎಂದರು. ಗಲಭೆಕೋರರಿಗೆ ರಕ್ಷಣೆ: ಗಲಭೆಗಳನ್ನು ಮಾಡುವವರ ಮೇಲಿನ ಪ್ರಕರಣಗಳನ್ನು ವಾಪಸ್ ಪಡೆಯುವುದರಿಂದ ಈ ರೀತಿಯ ಘಟನೆಗಳು ಹೆಚ್ಚಾಗಲು ಕಾರಣವಾಗಿದೆಯಾ ಎಂಬ ಪ್ರಶ್ನೆಗೆ ಪ್ರತಿಕ್ರಿಯಿಸಿದ ಅವರು, ಸಿಎಂ ಸಿದ್ದರಾಮಯ್ಯ ಅವರು ಪಿಎಫ್ ಐ ಹಾಗೂ ಎಸ್ ಡಿ ಪಿಐ ಮೇಲಿನ ಪ್ರಕರಣಗಳನ್ನು ವಾಪಸ್ ಪಡೆದರ ಪರಿಣಾಮವಾಗಿ ಮೈಸೂರಿನಲ್ಲಿ ಪೊಲೀಸ್ ಠಾಣೆ ಮೇಲೆ ದಾಳಿ ಮಾಡಿದರು. ಡಿಜೆ ಹಳ್ಳಿ ಕೆಜಿ ಹಳ್ಳಿ ಗಲಭೆಕೋರರ ಕೇಸ್ ವಾಪಸ್ ಪಡೆದರು. ಹುಬ್ಬಳ್ಳಿಯಲ್ಲಿ ಪೊಲೀಸ್ ಠಾಣೆ ಮೇಲೆ ದಾಳಿ ಮಾಡಿದವರ ಕೇಸ್ ವಾಪಸ್ ಪಡೆದರು. ಇಂತಹ ಸಮಾಜ ಘಾತುಕ ಶಕ್ತಿಗಳು, ಶಾಂತಿ ಕದಡುವ ಶಕ್ತಿಗಳ ವಿರುದ್ಧದ ಪ್ರಕರಣ ವಾಪಸ್ ಪಡೆಯುವುದು ಕೂಡ ಒಂದು ರೀತಿ ಪ್ರಚೋದನೆ ಆಗಿದೆ. ಈ ಘಟನೆಗೆ ರಾಜ್ಯ ಕಾಂಗ್ರೆಸ್ ಸರ್ಕಾರವೇ ಕಾರಣ, ರಾಜ್ಯದಲ್ಲಿ ಈಗಲೇ ಜನಾದೇಶ ನಡೆದರೆ ಕಾಂಗ್ರೆಸ್ ಮನೆಗೆ ಹೋಗುತ್ತದೆ. ಕಾಂಗ್ರೆಸ್ ನವರಿಗೆ ಜನರನ್ನು ಎದುರಿಸುವ ಶಕ್ತಿಯಿಲ್ಲ ಎಂದು ಹೇಳಿದರು.
